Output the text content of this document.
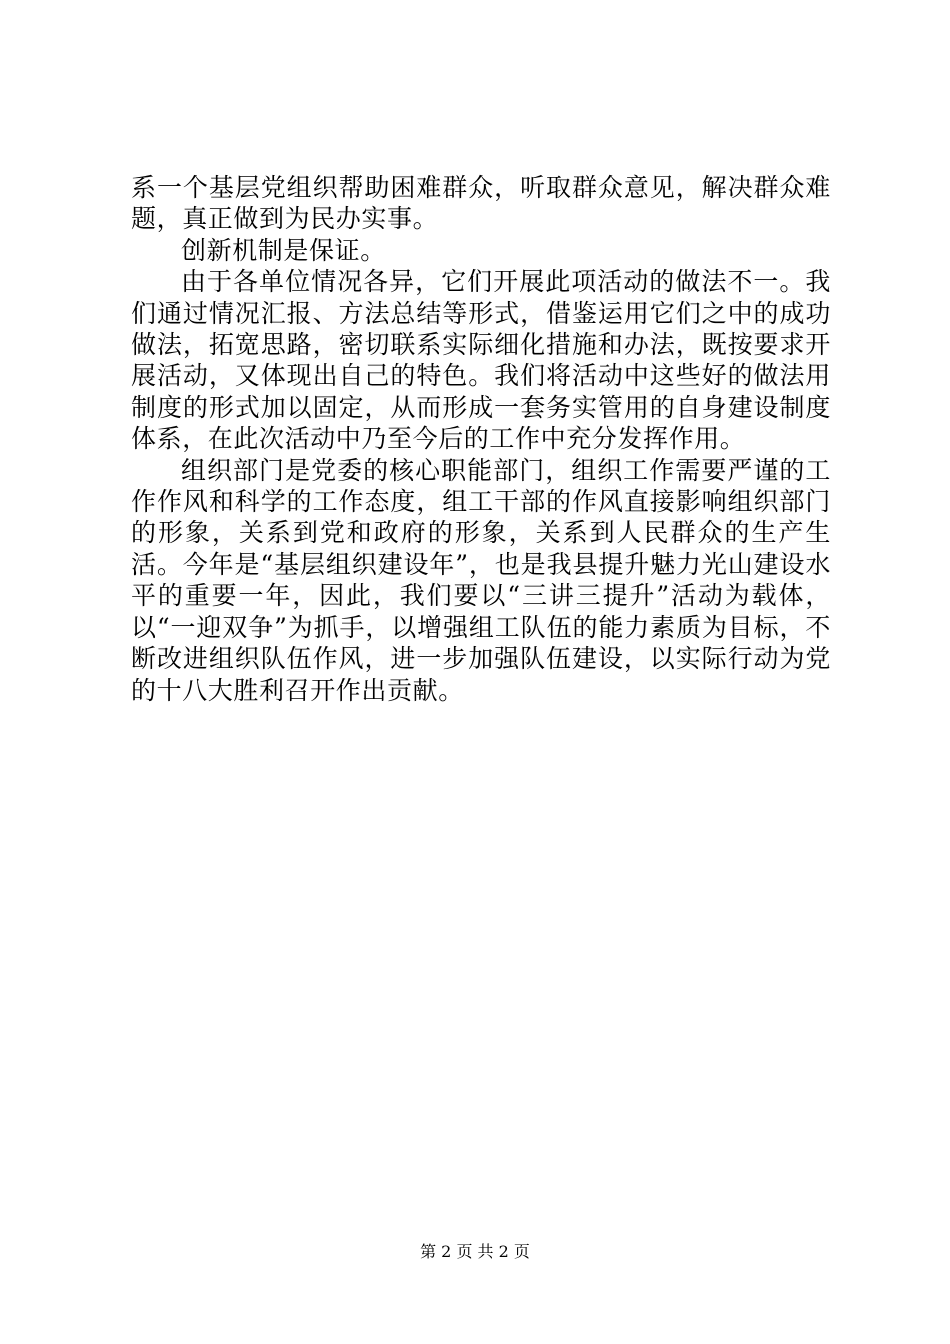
系一个基层党组织帮助困难群众，听取群众意见，解决群众难题，真正做到为民办实事。

创新机制是保证。

由于各单位情况各异，它们开展此项活动的做法不一。我们通过情况汇报、方法总结等形式，借鉴运用它们之中的成功做法，拓宽思路，密切联系实际细化措施和办法，既按要求开展活动，又体现出自己的特色。我们将活动中这些好的做法用制度的形式加以固定，从而形成一套务实管用的自身建设制度体系，在此次活动中乃至今后的工作中充分发挥作用。

组织部门是党委的核心职能部门，组织工作需要严谨的工作作风和科学的工作态度，组工干部的作风直接影响组织部门的形象，关系到党和政府的形象，关系到人民群众的生产生活。今年是“基层组织建设年”，也是我县提升魅力光山建设水平的重要一年，因此，我们要以“三讲三提升”活动为载体，以“一迎双争”为抓手，以增强组工队伍的能力素质为目标，不断改进组织队伍作风，进一步加强队伍建设，以实际行动为党的十八大胜利召开作出贡献。

第 2 页 共 2 页
